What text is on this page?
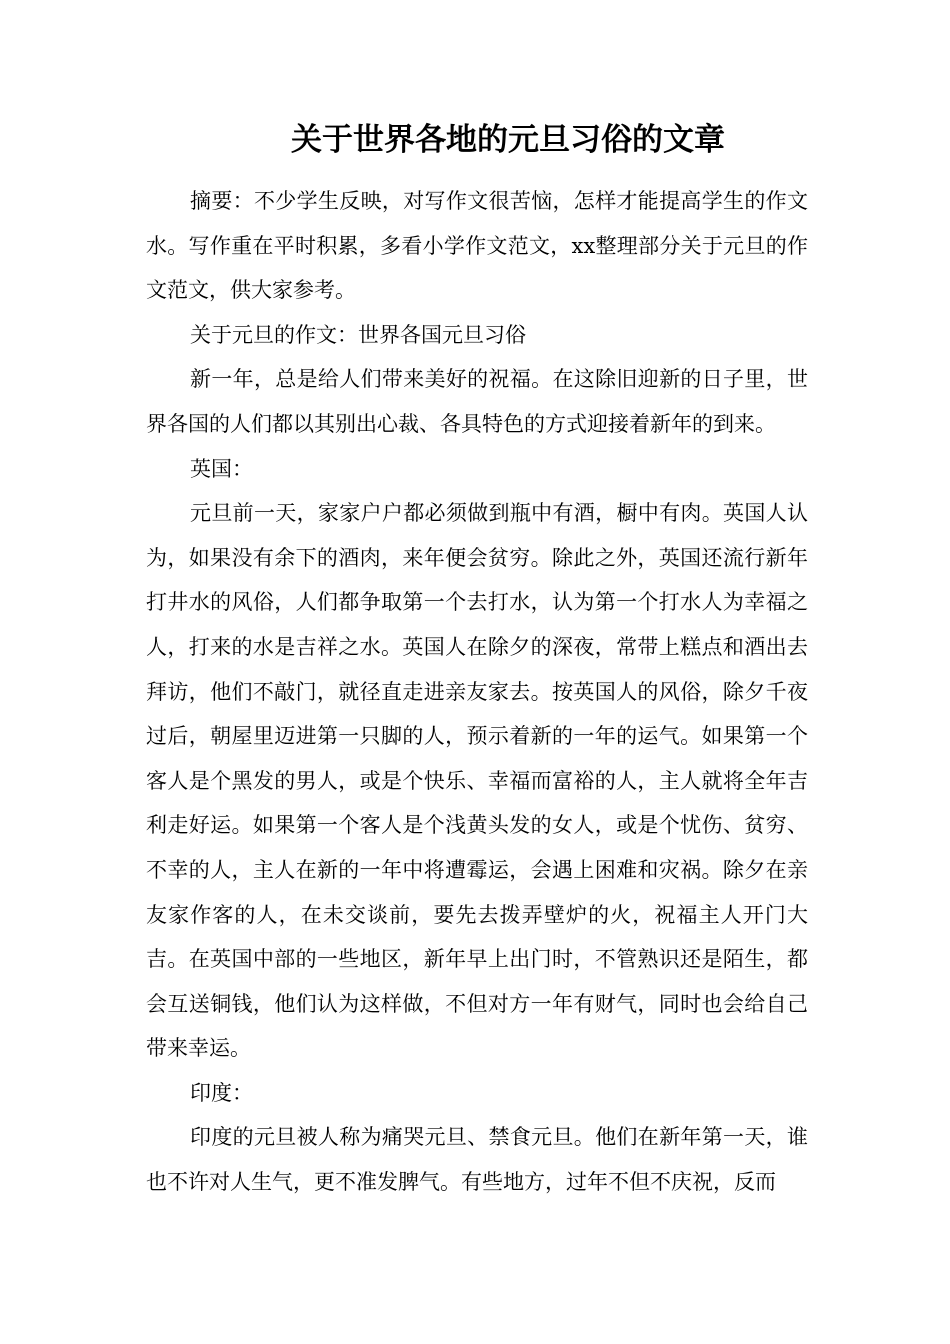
关于世界各地的元旦习俗的文章

摘要：不少学生反映，对写作文很苦恼，怎样才能提高学生的作文水。写作重在平时积累，多看小学作文范文，xx整理部分关于元旦的作文范文，供大家参考。

关于元旦的作文：世界各国元旦习俗

新一年，总是给人们带来美好的祝福。在这除旧迎新的日子里，世界各国的人们都以其别出心裁、各具特色的方式迎接着新年的到来。

英国：

元旦前一天，家家户户都必须做到瓶中有酒，橱中有肉。英国人认为，如果没有余下的酒肉，来年便会贫穷。除此之外，英国还流行新年打井水的风俗，人们都争取第一个去打水，认为第一个打水人为幸福之人，打来的水是吉祥之水。英国人在除夕的深夜，常带上糕点和酒出去拜访，他们不敲门，就径直走进亲友家去。按英国人的风俗，除夕千夜过后，朝屋里迈进第一只脚的人，预示着新的一年的运气。如果第一个客人是个黑发的男人，或是个快乐、幸福而富裕的人，主人就将全年吉利走好运。如果第一个客人是个浅黄头发的女人，或是个忧伤、贫穷、不幸的人，主人在新的一年中将遭霉运，会遇上困难和灾祸。除夕在亲友家作客的人，在未交谈前，要先去拨弄壁炉的火，祝福主人开门大吉。在英国中部的一些地区，新年早上出门时，不管熟识还是陌生，都会互送铜钱，他们认为这样做，不但对方一年有财气，同时也会给自己带来幸运。

印度：

印度的元旦被人称为痛哭元旦、禁食元旦。他们在新年第一天，谁也不许对人生气，更不准发脾气。有些地方，过年不但不庆祝，反而
